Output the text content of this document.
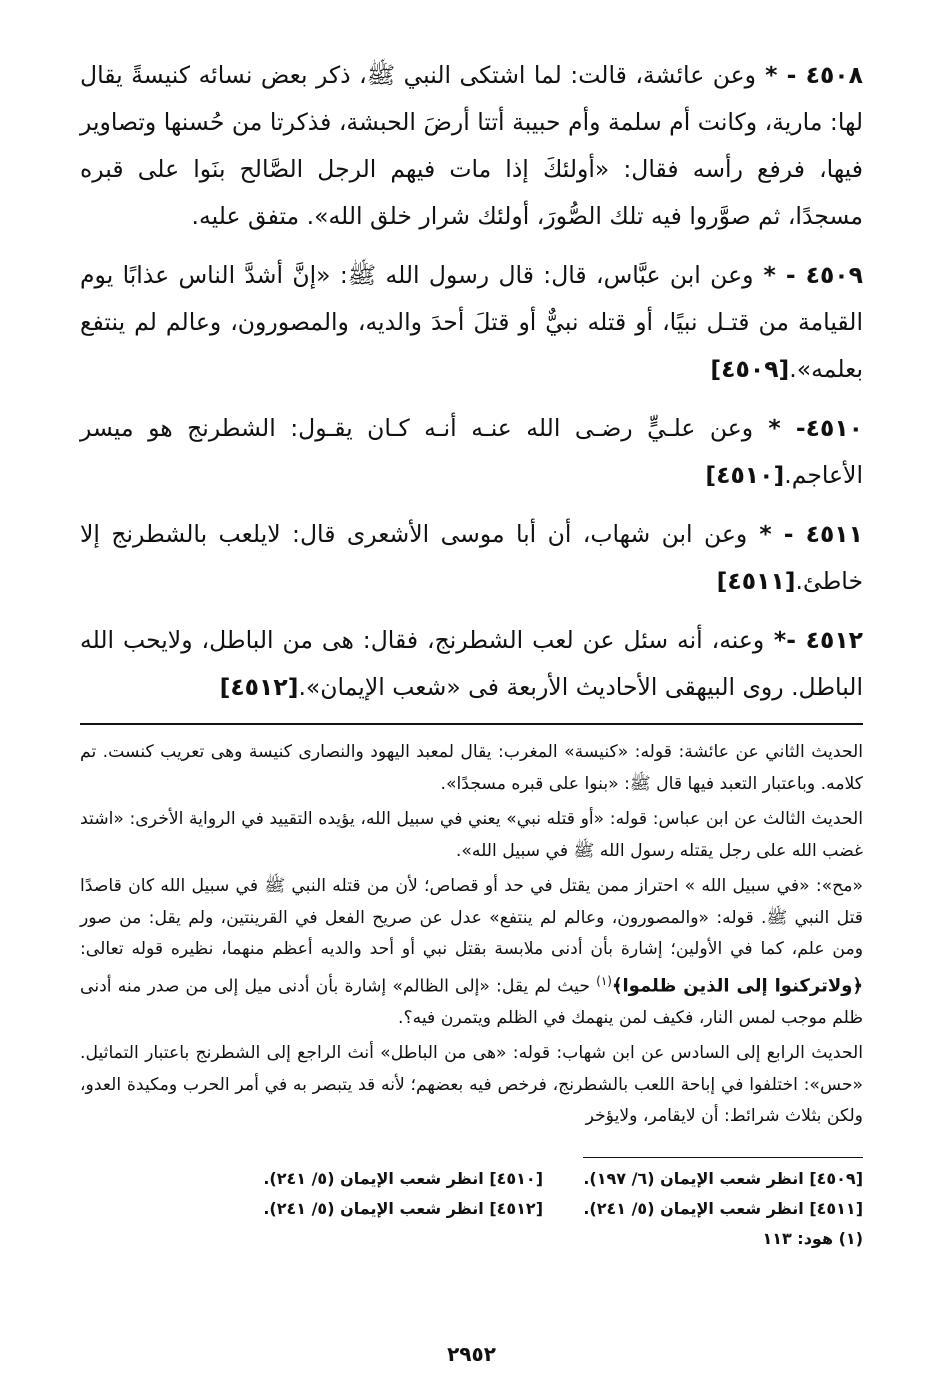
٤٥٠٨ - * وعن عائشة، قالت: لما اشتكى النبي ﷺ، ذكر بعض نسائه كنيسةً يقال لها: مارية، وكانت أم سلمة وأم حبيبة أتتا أرضَ الحبشة، فذكرتا من حُسنها وتصاوير فيها، فرفع رأسه فقال: «أولئكَ إذا مات فيهم الرجل الصَّالح بنَوا على قبره مسجدًا، ثم صوَّروا فيه تلك الصُّورَ، أولئك شرار خلق الله». متفق عليه.

٤٥٠٩ - * وعن ابن عبَّاس، قال: قال رسول الله ﷺ: «إنَّ أشدَّ الناس عذابًا يوم القيامة من قتـل نبيًا، أو قتله نبيٌّ أو قتلَ أحدَ والديه، والمصورون، وعالم لم ينتفع بعلمه».[٤٥٠٩]

٤٥١٠- * وعن علـيٍّ رضـى الله عنـه أنـه كـان يقـول: الشطرنج هو ميسر الأعاجم.[٤٥١٠]

٤٥١١ - * وعن ابن شهاب، أن أبا موسى الأشعرى قال: لايلعب بالشطرنج إلا خاطئ.[٤٥١١]

٤٥١٢ -* وعنه، أنه سئل عن لعب الشطرنج، فقال: هى من الباطل، ولايحب الله الباطل. روى البيهقى الأحاديث الأربعة فى «شعب الإيمان».[٤٥١٢]

الحديث الثاني عن عائشة: قوله: «كنيسة» المغرب: يقال لمعبد اليهود والنصارى كنيسة وهى تعريب كنست. تم كلامه. وباعتبار التعبد فيها قال ﷺ: «بنوا على قبره مسجدًا».

الحديث الثالث عن ابن عباس: قوله: «أو قتله نبي» يعني في سبيل الله، يؤيده التقييد في الرواية الأخرى: «اشتد غضب الله على رجل يقتله رسول الله ﷺ في سبيل الله».

«مح»: «في سبيل الله » احتراز ممن يقتل في حد أو قصاص؛ لأن من قتله النبي ﷺ في سبيل الله كان قاصدًا قتل النبي ﷺ. قوله: «والمصورون، وعالم لم ينتفع» عدل عن صريح الفعل في القرينتين، ولم يقل: من صور ومن علم، كما في الأولين؛ إشارة بأن أدنى ملابسة بقتل نبي أو أحد والديه أعظم منهما، نظيره قوله تعالى: ﴿ولاتركنوا إلى الذين ظلموا﴾$^{(١)}$ حيث لم يقل: «إلى الظالم» إشارة بأن أدنى ميل إلى من صدر منه أدنى ظلم موجب لمس النار، فكيف لمن ينهمك في الظلم ويتمرن فيه؟.

الحديث الرابع إلى السادس عن ابن شهاب: قوله: «هى من الباطل» أنث الراجع إلى الشطرنج باعتبار التماثيل. «حس»: اختلفوا في إباحة اللعب بالشطرنج، فرخص فيه بعضهم؛ لأنه قد يتبصر به في أمر الحرب ومكيدة العدو، ولكن بثلاث شرائط: أن لايقامر، ولايؤخر

[٤٥٠٩] انظر شعب الإيمان (٦/ ١٩٧).
[٤٥١٠] انظر شعب الإيمان (٥/ ٢٤١).
[٤٥١١] انظر شعب الإيمان (٥/ ٢٤١).
[٤٥١٢] انظر شعب الإيمان (٥/ ٢٤١).
(١) هود: ١١٣
٢٩٥٢
